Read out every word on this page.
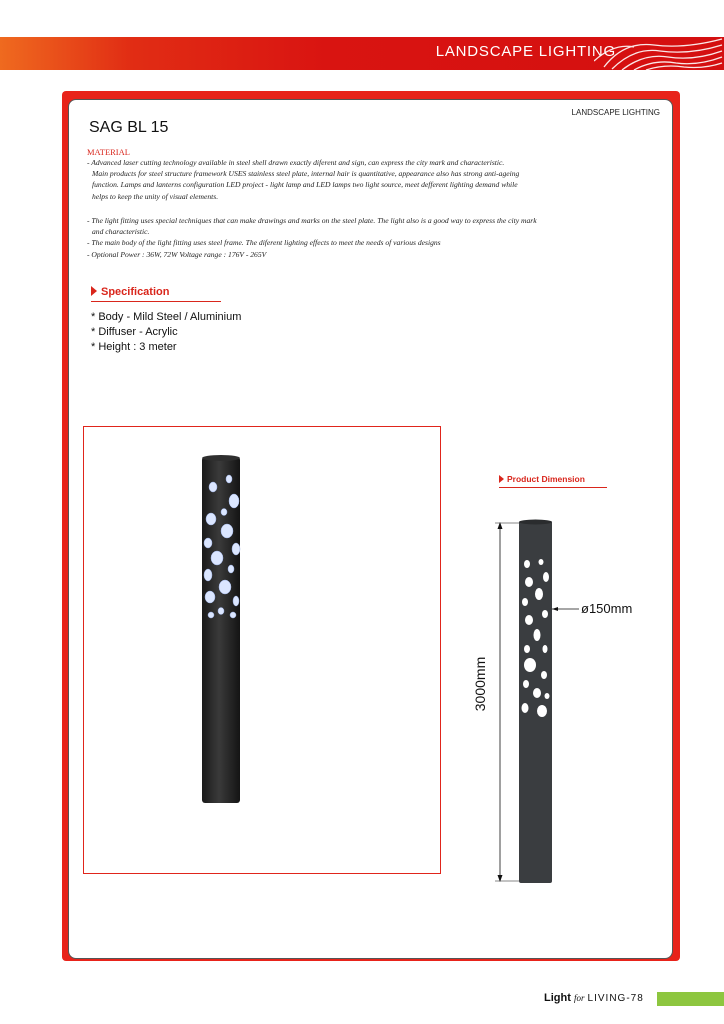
LANDSCAPE LIGHTING
LANDSCAPE LIGHTING
SAG BL 15
MATERIAL

- Advanced laser cutting technology available in steel shell drawn exactly diferent and sign, can express the city mark and characteristic.

Main products for steel structure framework USES stainless steel plate, internal hair is quantitative, appearance also has strong anti-ageing

function. Lamps and lanterns configuration LED project - light lamp and LED lamps two light source, meet defferent lighting demand while

helps to keep the unity of visual elements.

- The light fitting uses special techniques that can make drawings and marks on the steel plate. The light also is a good way to express the city mark

and characteristic.

- The main body of the light fitting uses steel frame. The diferent lighting effects to meet the needs of various designs

- Optional Power : 36W, 72W Voltage range : 176V - 265V

Specification
* Body - Mild Steel / Aluminium
* Diffuser - Acrylic
* Height : 3 meter
Product Dimension
ø150mm
3000mm
Light for LIVING-78
